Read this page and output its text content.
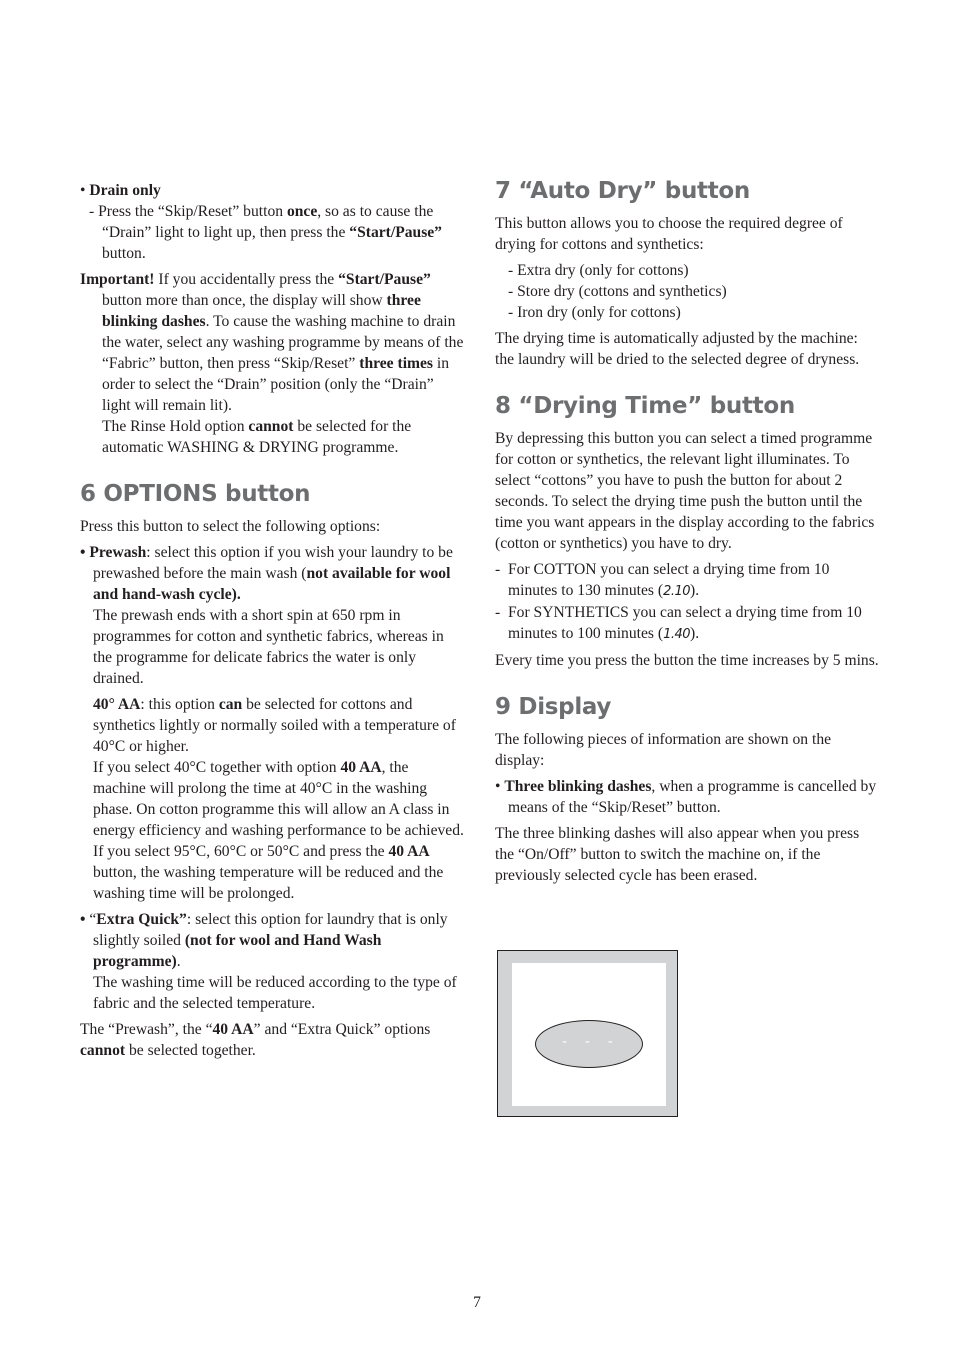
• Drain only

- Press the “Skip/Reset” button once, so as to cause the “Drain” light to light up, then press the “Start/Pause” button.

Important! If you accidentally press the “Start/Pause” button more than once, the display will show three blinking dashes. To cause the washing machine to drain the water, select any washing programme by means of the “Fabric” button, then press “Skip/Reset” three times in order to select the “Drain” position (only the “Drain” light will remain lit).

The Rinse Hold option cannot be selected for the automatic WASHING & DRYING programme.

6 OPTIONS button

Press this button to select the following options:

• Prewash: select this option if you wish your laundry to be prewashed before the main wash (not available for wool and hand-wash cycle).

The prewash ends with a short spin at 650 rpm in programmes for cotton and synthetic fabrics, whereas in the programme for delicate fabrics the water is only drained.

40° AA: this option can be selected for cottons and synthetics lightly or normally soiled with a temperature of 40°C or higher.

If you select 40°C together with option 40 AA, the machine will prolong the time at 40°C in the washing phase. On cotton programme this will allow an A class in energy efficiency and washing performance to be achieved.

If you select 95°C, 60°C or 50°C and press the 40 AA button, the washing temperature will be reduced and the washing time will be prolonged.

• “Extra Quick”: select this option for laundry that is only slightly soiled (not for wool and Hand Wash programme).

The washing time will be reduced according to the type of fabric and the selected temperature.

The “Prewash”, the “40 AA” and “Extra Quick” options cannot be selected together.

7 “Auto Dry” button

This button allows you to choose the required degree of drying for cottons and synthetics:

- Extra dry (only for cottons)
- Store dry (cottons and synthetics)
- Iron dry (only for cottons)

The drying time is automatically adjusted by the machine: the laundry will be dried to the selected degree of dryness.

8 “Drying Time” button

By depressing this button you can select a timed programme for cotton or synthetics, the relevant light illuminates. To select “cottons” you have to push the button for about 2 seconds. To select the drying time push the button until the time you want appears in the display according to the fabrics (cotton or synthetics) you have to dry.

-  For COTTON you can select a drying time from 10 minutes to 130 minutes (2.10).

-  For SYNTHETICS you can select a drying time from 10 minutes to 100 minutes (1.40).

Every time you press the button the time increases by 5 mins.

9 Display

The following pieces of information are shown on the display:

• Three blinking dashes, when a programme is cancelled by means of the “Skip/Reset” button.

The three blinking dashes will also appear when you press the “On/Off” button to switch the machine on, if the previously selected cycle has been erased.

- - -
7
